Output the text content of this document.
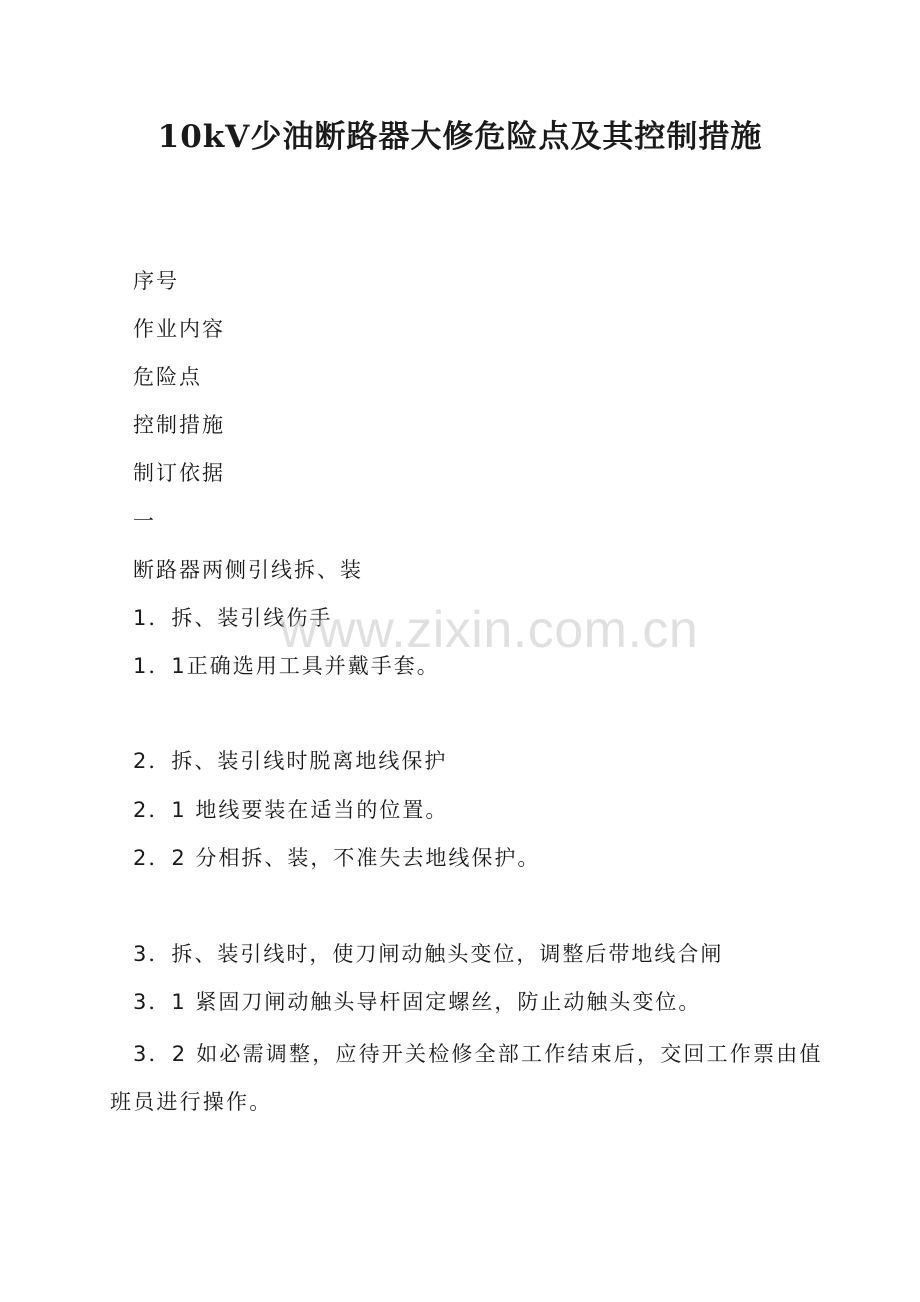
10kV少油断路器大修危险点及其控制措施
序号
作业内容
危险点
控制措施
制订依据
一
断路器两侧引线拆、装
1．拆、装引线伤手
1．1正确选用工具并戴手套。
2．拆、装引线时脱离地线保护
2．1 地线要装在适当的位置。
2．2 分相拆、装，不准失去地线保护。
3．拆、装引线时，使刀闸动触头变位，调整后带地线合闸
3．1 紧固刀闸动触头导杆固定螺丝，防止动触头变位。
3．2 如必需调整，应待开关检修全部工作结束后，交回工作票由值班员进行操作。
www.zixin.com.cn
